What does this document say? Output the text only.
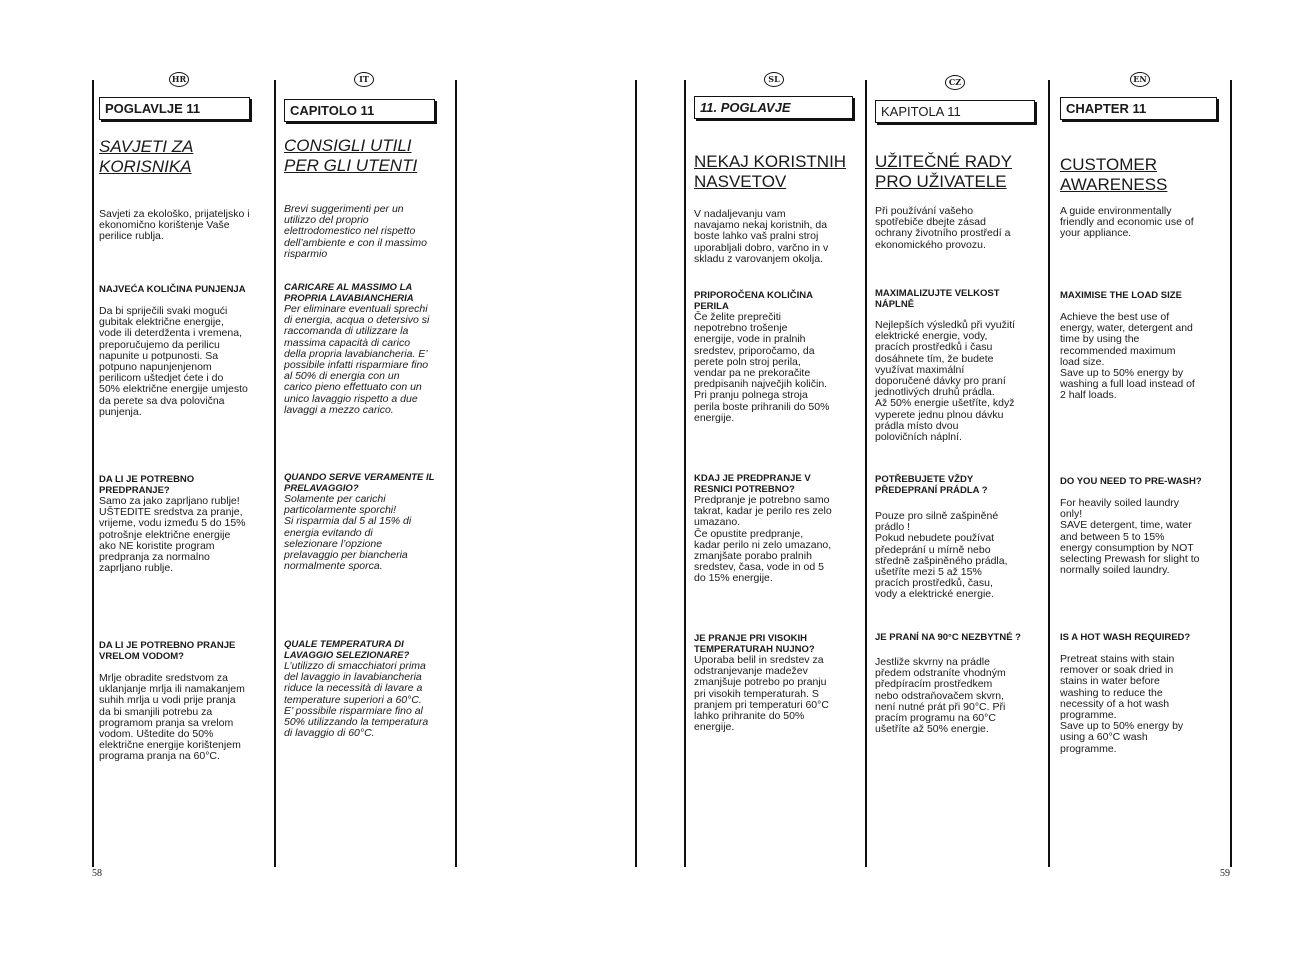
HR
POGLAVLJE 11
SAVJETI ZA
KORISNIKA

Savjeti za ekološko, prijateljsko i
ekonomično korištenje Vaše
perilice rublja.

NAJVEĆA KOLIČINA PUNJENJA

Da bi spriječili svaki mogući
gubitak električne energije,
vode ili deterdženta i vremena,
preporučujemo da perilicu
napunite u potpunosti. Sa
potpuno napunjenjenom
perilicom uštedjet ćete i do
50% električne energije umjesto
da perete sa dva polovična
punjenja.

DA LI JE POTREBNO
PREDPRANJE?

Samo za jako zaprljano rublje!
UŠTEDITE sredstva za pranje,
vrijeme, vodu između 5 do 15%
potrošnje električne energije
ako NE koristite program
predpranja za normalno
zaprljano rublje.

DA LI JE POTREBNO PRANJE
VRELOM VODOM?

Mrlje obradite sredstvom za
uklanjanje mrlja ili namakanjem
suhih mrlja u vodi prije pranja
da bi smanjili potrebu za
programom pranja sa vrelom
vodom. Uštedite do 50%
električne energije korištenjem
programa pranja na 60°C.

IT
CAPITOLO 11
CONSIGLI UTILI
PER GLI UTENTI

Brevi suggerimenti per un
utilizzo del proprio
elettrodomestico nel rispetto
dell’ambiente e con il massimo
risparmio

CARICARE AL MASSIMO LA
PROPRIA LAVABIANCHERIA

Per eliminare eventuali sprechi
di energia, acqua o detersivo si
raccomanda di utilizzare la
massima capacità di carico
della propria lavabiancheria. E’
possibile infatti risparmiare fino
al 50% di energia con un
carico pieno effettuato con un
unico lavaggio rispetto a due
lavaggi a mezzo carico.

QUANDO SERVE VERAMENTE IL
PRELAVAGGIO?

Solamente per carichi
particolarmente sporchi!
Si risparmia dal 5 al 15% di
energia evitando di
selezionare l’opzione
prelavaggio per biancheria
normalmente sporca.

QUALE TEMPERATURA DI
LAVAGGIO SELEZIONARE?

L’utilizzo di smacchiatori prima
del lavaggio in lavabiancheria
riduce la necessità di lavare a
temperature superiori a 60°C.
E’ possibile risparmiare fino al
50% utilizzando la temperatura
di lavaggio di 60°C.

SL
11. POGLAVJE
NEKAJ KORISTNIH
NASVETOV

V nadaljevanju vam
navajamo nekaj koristnih, da
boste lahko vaš pralni stroj
uporabljali dobro, varčno in v
skladu z varovanjem okolja.

PRIPOROČENA KOLIČINA
PERILA

Če želite preprečiti
nepotrebno trošenje
energije, vode in pralnih
sredstev, priporočamo, da
perete poln stroj perila,
vendar pa ne prekoračite
predpisanih največjih količin.
Pri pranju polnega stroja
perila boste prihranili do 50%
energije.

KDAJ JE PREDPRANJE V
RESNICI POTREBNO?

Predpranje je potrebno samo
takrat, kadar je perilo res zelo
umazano.
Če opustite predpranje,
kadar perilo ni zelo umazano,
zmanjšate porabo pralnih
sredstev, časa, vode in od 5
do 15% energije.

JE PRANJE PRI VISOKIH
TEMPERATURAH NUJNO?

Uporaba belil in sredstev za
odstranjevanje madežev
zmanjšuje potrebo po pranju
pri visokih temperaturah. S
pranjem pri temperaturi 60°C
lahko prihranite do 50%
energije.

CZ
KAPITOLA 11
UŽITEČNÉ RADY
PRO UŽIVATELE

Při používání vašeho
spotřebiče dbejte zásad
ochrany životního prostředí a
ekonomického provozu.

MAXIMALIZUJTE VELKOST
NÁPLNĚ

Nejlepších výsledků při využití
elektrické energie, vody,
pracích prostředků i času
dosáhnete tím, že budete
využívat maximální
doporučené dávky pro praní
jednotlivých druhů prádla.
Až 50% energie ušetříte, když
vyperete jednu plnou dávku
prádla místo dvou
polovičních náplní.

POTŘEBUJETE VŽDY
PŘEDEPRANÍ PRÁDLA ?

Pouze pro silně zašpiněné
prádlo !
Pokud nebudete používat
předeprání u mírně nebo
středně zašpiněného prádla,
ušetříte mezi 5 až 15%
pracích prostředků, času,
vody a elektrické energie.

JE PRANÍ NA 90°C NEZBYTNÉ ?

Jestliže skvrny na prádle
předem odstraníte vhodným
předpíracím prostředkem
nebo odstraňovačem skvrn,
není nutné prát při 90°C. Při
pracím programu na 60°C
ušetříte až 50% energie.

EN
CHAPTER 11
CUSTOMER
AWARENESS

A guide environmentally
friendly and economic use of
your appliance.

MAXIMISE THE LOAD SIZE

Achieve the best use of
energy, water, detergent and
time by using the
recommended maximum
load size.
Save up to 50% energy by
washing a full load instead of
2 half loads.

DO YOU NEED TO PRE-WASH?

For heavily soiled laundry
only!
SAVE detergent, time, water
and between 5 to 15%
energy consumption by NOT
selecting Prewash for slight to
normally soiled laundry.

IS A HOT WASH REQUIRED?

Pretreat stains with stain
remover or soak dried in
stains in water before
washing to reduce the
necessity of a hot wash
programme.
Save up to 50% energy by
using a 60°C wash
programme.

58	59
